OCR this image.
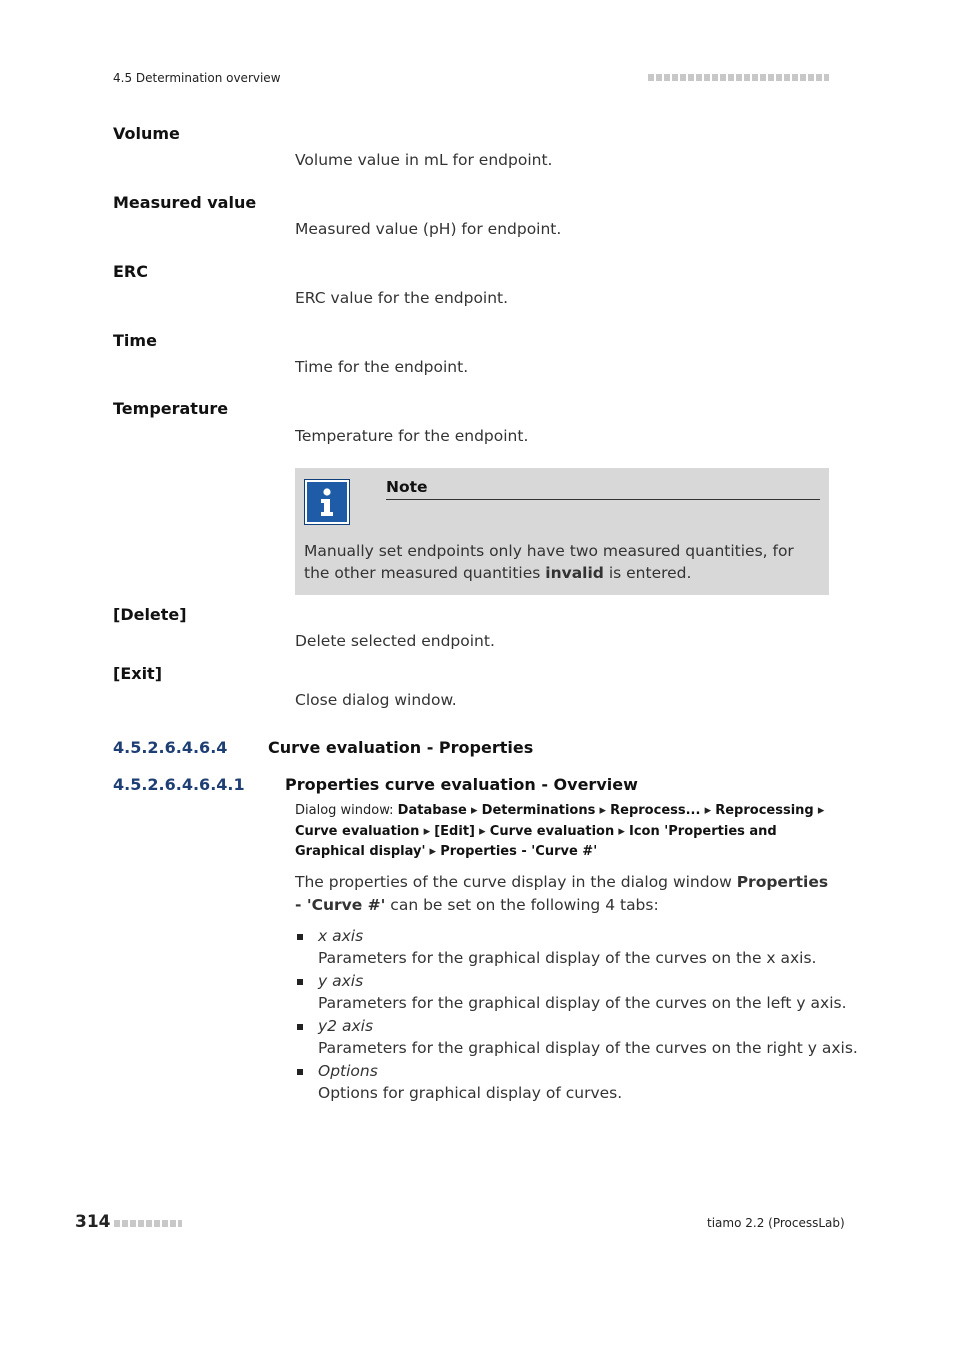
4.5 Determination overview
Volume
Volume value in mL for endpoint.
Measured value
Measured value (pH) for endpoint.
ERC
ERC value for the endpoint.
Time
Time for the endpoint.
Temperature
Temperature for the endpoint.
Note
Manually set endpoints only have two measured quantities, for the other measured quantities invalid is entered.
[Delete]
Delete selected endpoint.
[Exit]
Close dialog window.
4.5.2.6.4.6.4	Curve evaluation - Properties
4.5.2.6.4.6.4.1	Properties curve evaluation - Overview
Dialog window: Database ▸ Determinations ▸ Reprocess... ▸ Reprocessing ▸ Curve evaluation ▸ [Edit] ▸ Curve evaluation ▸ Icon 'Properties and Graphical display' ▸ Properties - 'Curve #'
The properties of the curve display in the dialog window Properties - 'Curve #' can be set on the following 4 tabs:
x axis
Parameters for the graphical display of the curves on the x axis.
y axis
Parameters for the graphical display of the curves on the left y axis.
y2 axis
Parameters for the graphical display of the curves on the right y axis.
Options
Options for graphical display of curves.
314	tiamo 2.2 (ProcessLab)
